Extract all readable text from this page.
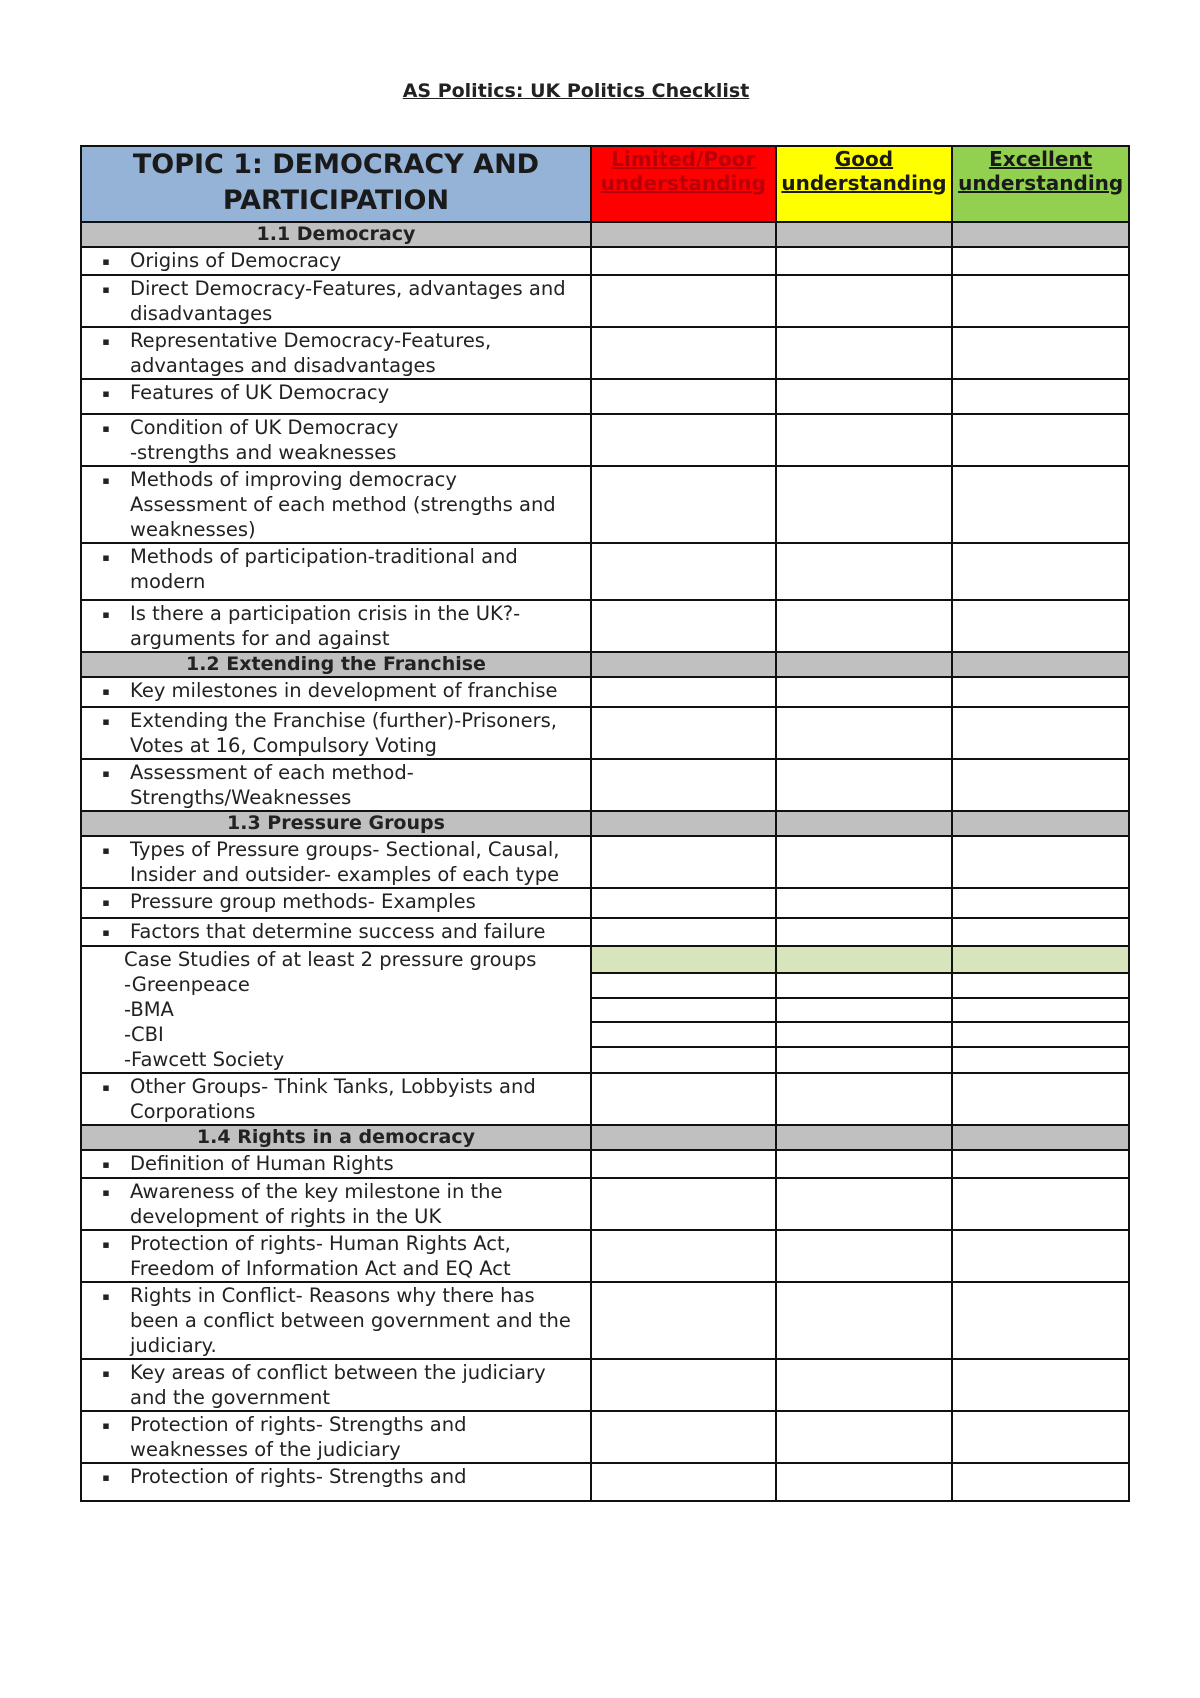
AS Politics: UK Politics Checklist
TOPIC 1: DEMOCRACY AND PARTICIPATION	Limited/Poor understanding	Good understanding	Excellent understanding
1.1 Democracy			

▪ Origins of Democracy			

▪ Direct Democracy-Features, advantages and disadvantages			

▪ Representative Democracy-Features, advantages and disadvantages			

▪ Features of UK Democracy			

▪ Condition of UK Democracy
-strengths and weaknesses			

▪ Methods of improving democracy
Assessment of each method (strengths and weaknesses)			

▪ Methods of participation-traditional and modern			

▪ Is there a participation crisis in the UK?- arguments for and against			

1.2 Extending the Franchise			

▪ Key milestones in development of franchise			

▪ Extending the Franchise (further)-Prisoners, Votes at 16, Compulsory Voting			

▪ Assessment of each method- Strengths/Weaknesses			

1.3 Pressure Groups			

▪ Types of Pressure groups- Sectional, Causal, Insider and outsider- examples of each type			

▪ Pressure group methods- Examples			

▪ Factors that determine success and failure			

Case Studies of at least 2 pressure groups
-Greenpeace
-BMA
-CBI
-Fawcett Society			

▪ Other Groups- Think Tanks, Lobbyists and Corporations			

1.4 Rights in a democracy			

▪ Definition of Human Rights			

▪ Awareness of the key milestone in the development of rights in the UK			

▪ Protection of rights- Human Rights Act, Freedom of Information Act and EQ Act			

▪ Rights in Conflict- Reasons why there has been a conflict between government and the judiciary.			

▪ Key areas of conflict between the judiciary and the government			

▪ Protection of rights- Strengths and weaknesses of the judiciary			

▪ Protection of rights- Strengths and			
